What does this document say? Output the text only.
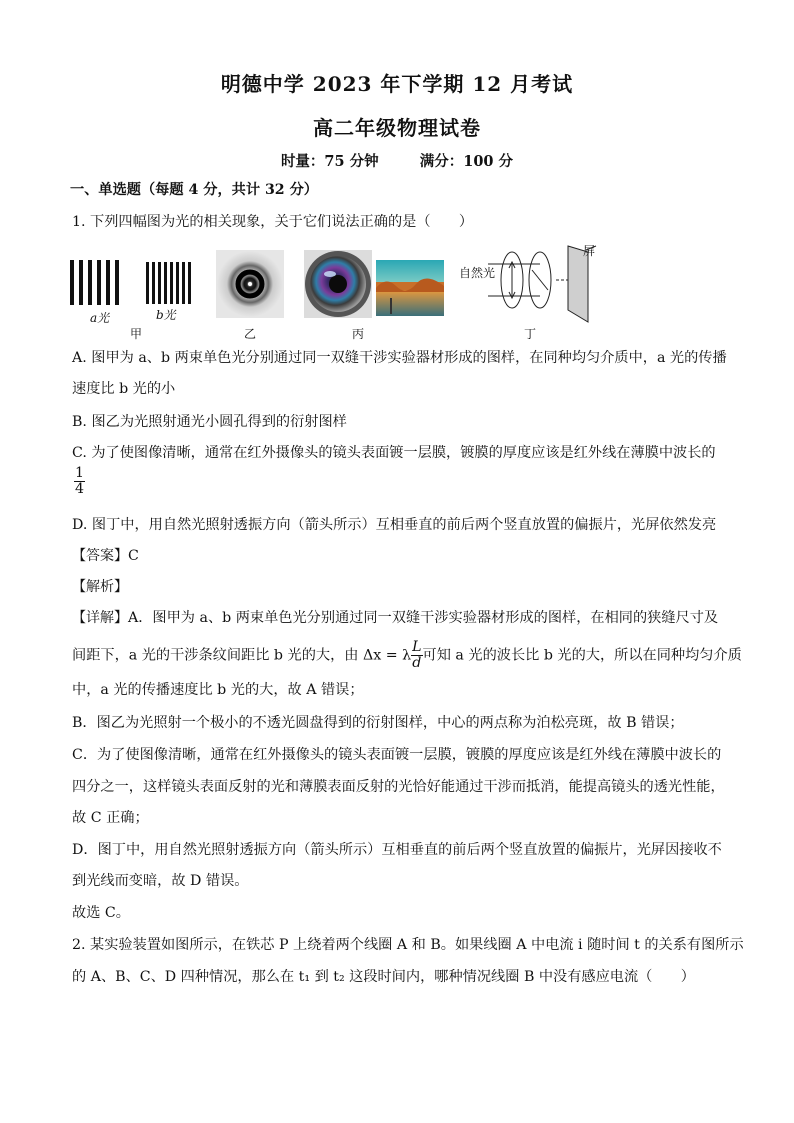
明德中学 2023 年下学期 12 月考试
高二年级物理试卷
时量：75 分钟	满分：100 分
一、单选题（每题 4 分，共计 32 分）
1. 下列四幅图为光的相关现象，关于它们说法正确的是（　　）
a光	b光
甲	乙	丙
自然光
屏
丁
A. 图甲为 a、b 两束单色光分别通过同一双缝干涉实验器材形成的图样，在同种均匀介质中，a 光的传播
速度比 b 光的小
B. 图乙为光照射通光小圆孔得到的衍射图样
C. 为了使图像清晰，通常在红外摄像头的镜头表面镀一层膜，镀膜的厚度应该是红外线在薄膜中波长的
$\frac{1}{4}$
D. 图丁中，用自然光照射透振方向（箭头所示）互相垂直的前后两个竖直放置的偏振片，光屏依然发亮
【答案】C
【解析】
【详解】A．图甲为 a、b 两束单色光分别通过同一双缝干涉实验器材形成的图样，在相同的狭缝尺寸及
间距下，a 光的干涉条纹间距比 b 光的大，由 Δx = λ $\frac{L}{d}$ 可知 a 光的波长比 b 光的大，所以在同种均匀介质
中，a 光的传播速度比 b 光的大，故 A 错误；
B．图乙为光照射一个极小的不透光圆盘得到的衍射图样，中心的两点称为泊松亮斑，故 B 错误；
C．为了使图像清晰，通常在红外摄像头的镜头表面镀一层膜，镀膜的厚度应该是红外线在薄膜中波长的
四分之一，这样镜头表面反射的光和薄膜表面反射的光恰好能通过干涉而抵消，能提高镜头的透光性能，
故 C 正确；
D．图丁中，用自然光照射透振方向（箭头所示）互相垂直的前后两个竖直放置的偏振片，光屏因接收不
到光线而变暗，故 D 错误。
故选 C。
2. 某实验装置如图所示，在铁芯 P 上绕着两个线圈 A 和 B。如果线圈 A 中电流 i 随时间 t 的关系有图所示
的 A、B、C、D 四种情况，那么在 t₁ 到 t₂ 这段时间内，哪种情况线圈 B 中没有感应电流（　　）
